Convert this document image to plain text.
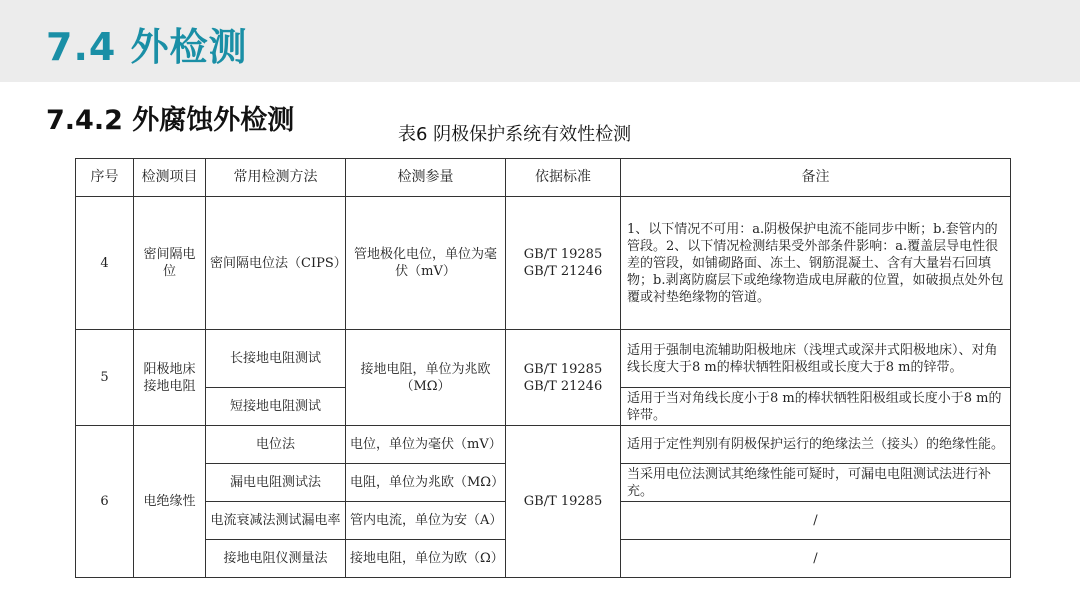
7.4 外检测
7.4.2 外腐蚀外检测	表6 阴极保护系统有效性检测
序号	检测项目	常用检测方法	检测参量	依据标准	备注
4	密间隔电位	密间隔电位法（CIPS）	管地极化电位，单位为毫伏（mV）	GB/T 19285 GB/T 21246	1、以下情况不可用：a.阴极保护电流不能同步中断；b.套管内的管段。2、以下情况检测结果受外部条件影响：a.覆盖层导电性很差的管段，如铺砌路面、冻土、钢筋混凝土、含有大量岩石回填物；b.剥离防腐层下或绝缘物造成电屏蔽的位置，如破损点处外包覆或衬垫绝缘物的管道。
5	阳极地床接地电阻	长接地电阻测试	接地电阻，单位为兆欧（MΩ）	GB/T 19285 GB/T 21246	适用于强制电流辅助阳极地床（浅埋式或深井式阳极地床）、对角线长度大于8 m的棒状牺牲阳极组或长度大于8 m的锌带。
		短接地电阻测试			适用于当对角线长度小于8 m的棒状牺牲阳极组或长度小于8 m的锌带。
6	电绝缘性	电位法	电位，单位为毫伏（mV）	GB/T 19285	适用于定性判别有阴极保护运行的绝缘法兰（接头）的绝缘性能。
		漏电电阻测试法	电阻，单位为兆欧（MΩ）		当采用电位法测试其绝缘性能可疑时，可漏电电阻测试法进行补充。
		电流衰减法测试漏电率	管内电流，单位为安（A）		/
		接地电阻仪测量法	接地电阻，单位为欧（Ω）		/
